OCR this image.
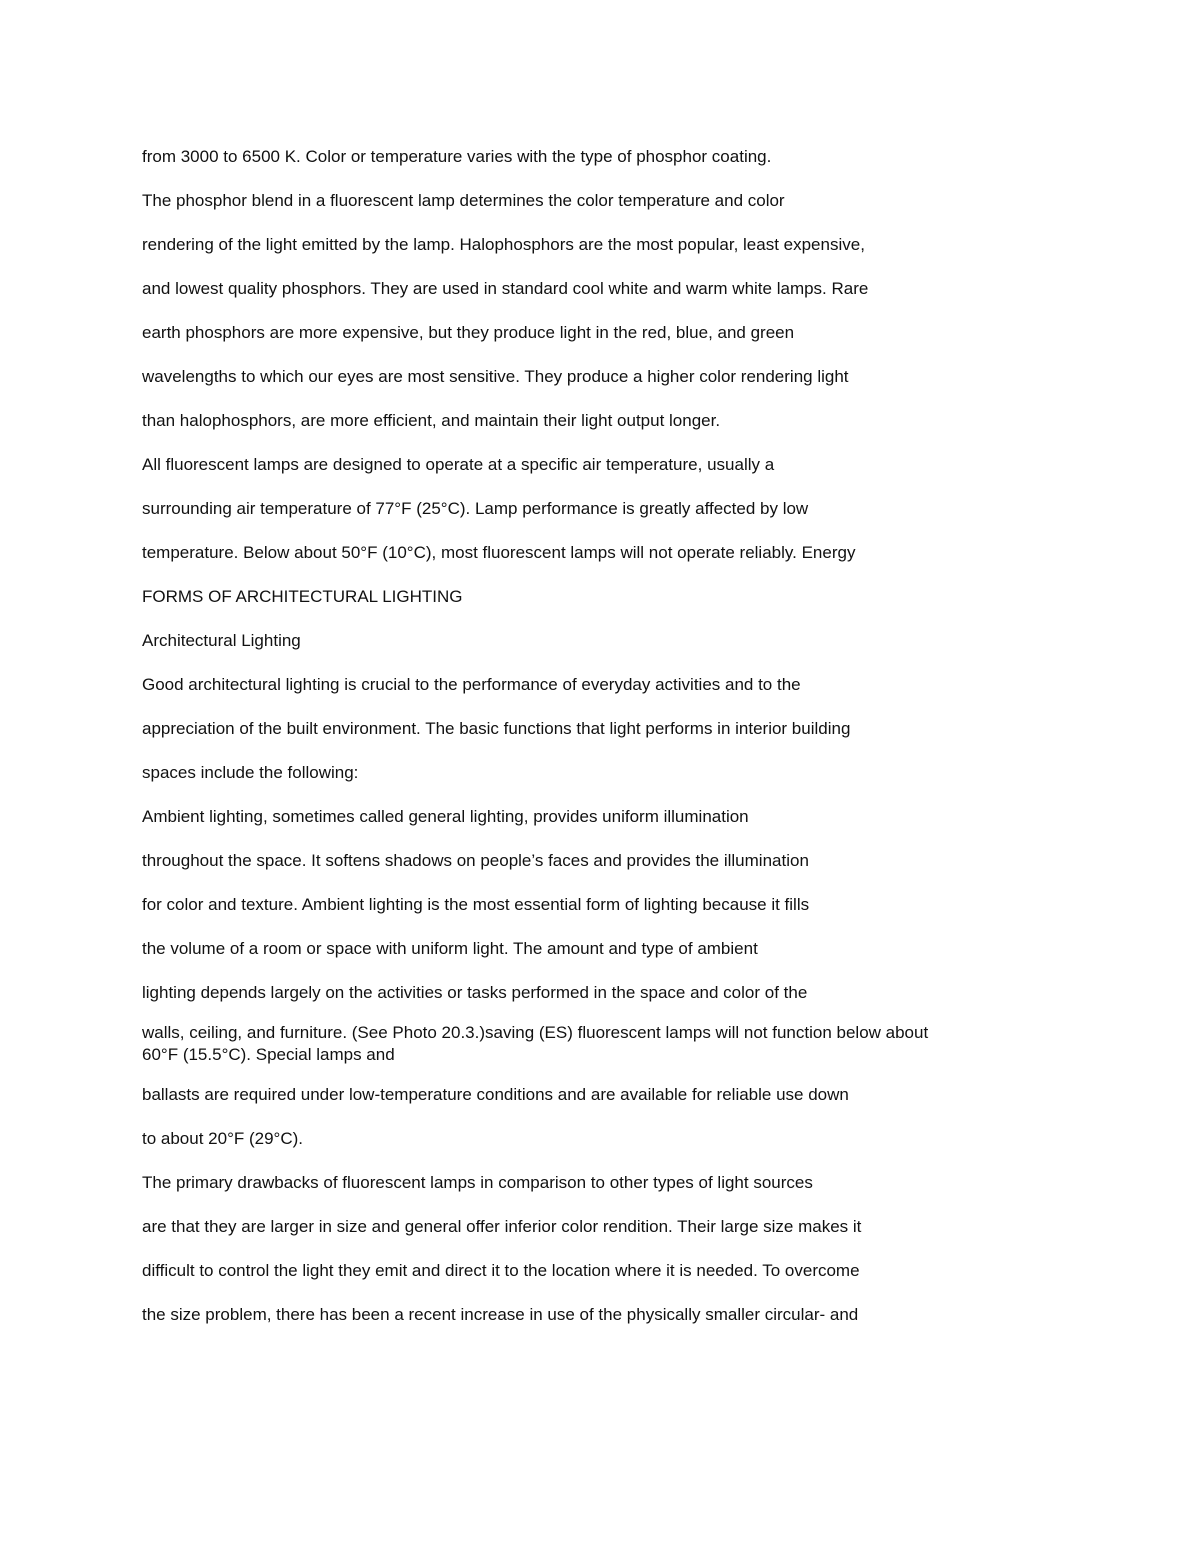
from 3000 to 6500 K. Color or temperature varies with the type of phosphor coating.
The phosphor blend in a fluorescent lamp determines the color temperature and color
rendering of the light emitted by the lamp. Halophosphors are the most popular, least expensive,
and lowest quality phosphors. They are used in standard cool white and warm white lamps. Rare
earth phosphors are more expensive, but they produce light in the red, blue, and green
wavelengths to which our eyes are most sensitive. They produce a higher color rendering light
than halophosphors, are more efficient, and maintain their light output longer.
All fluorescent lamps are designed to operate at a specific air temperature, usually a
surrounding air temperature of 77°F (25°C). Lamp performance is greatly affected by low
temperature. Below about 50°F (10°C), most fluorescent lamps will not operate reliably. Energy
FORMS OF ARCHITECTURAL LIGHTING
Architectural Lighting
Good architectural lighting is crucial to the performance of everyday activities and to the
appreciation of the built environment. The basic functions that light performs in interior building
spaces include the following:
Ambient lighting, sometimes called general lighting, provides uniform illumination
throughout the space. It softens shadows on people’s faces and provides the illumination
for color and texture. Ambient lighting is the most essential form of lighting because it fills
the volume of a room or space with uniform light. The amount and type of ambient
lighting depends largely on the activities or tasks performed in the space and color of the
walls, ceiling, and furniture. (See Photo 20.3.)saving (ES) fluorescent lamps will not function below about
60°F (15.5°C). Special lamps and
ballasts are required under low-temperature conditions and are available for reliable use down
to about 20°F (29°C).
The primary drawbacks of fluorescent lamps in comparison to other types of light sources
are that they are larger in size and general offer inferior color rendition. Their large size makes it
difficult to control the light they emit and direct it to the location where it is needed. To overcome
the size problem, there has been a recent increase in use of the physically smaller circular- and
